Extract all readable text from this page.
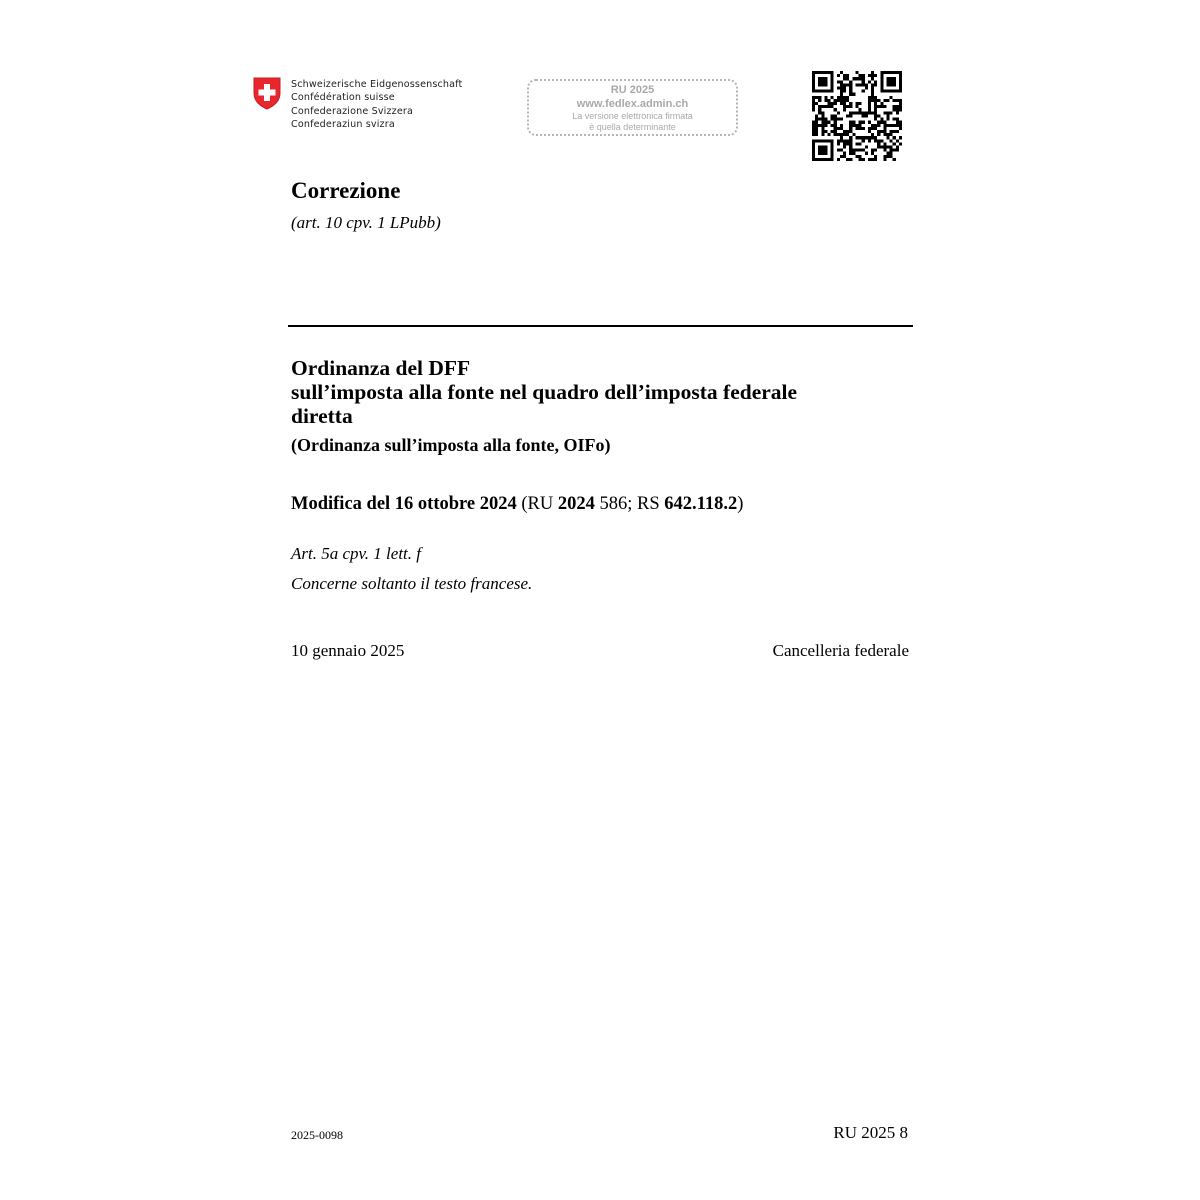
Schweizerische Eidgenossenschaft
Confédération suisse
Confederazione Svizzera
Confederaziun svizra
RU 2025
www.fedlex.admin.ch
La versione elettronica firmata
è quella determinante
Correzione
(art. 10 cpv. 1 LPubb)
Ordinanza del DFF
sull’imposta alla fonte nel quadro dell’imposta federale
diretta
(Ordinanza sull’imposta alla fonte, OIFo)
Modifica del 16 ottobre 2024 (RU 2024 586; RS 642.118.2)
Art. 5a cpv. 1 lett. f
Concerne soltanto il testo francese.
10 gennaio 2025	Cancelleria federale
2025-0098	RU 2025 8
